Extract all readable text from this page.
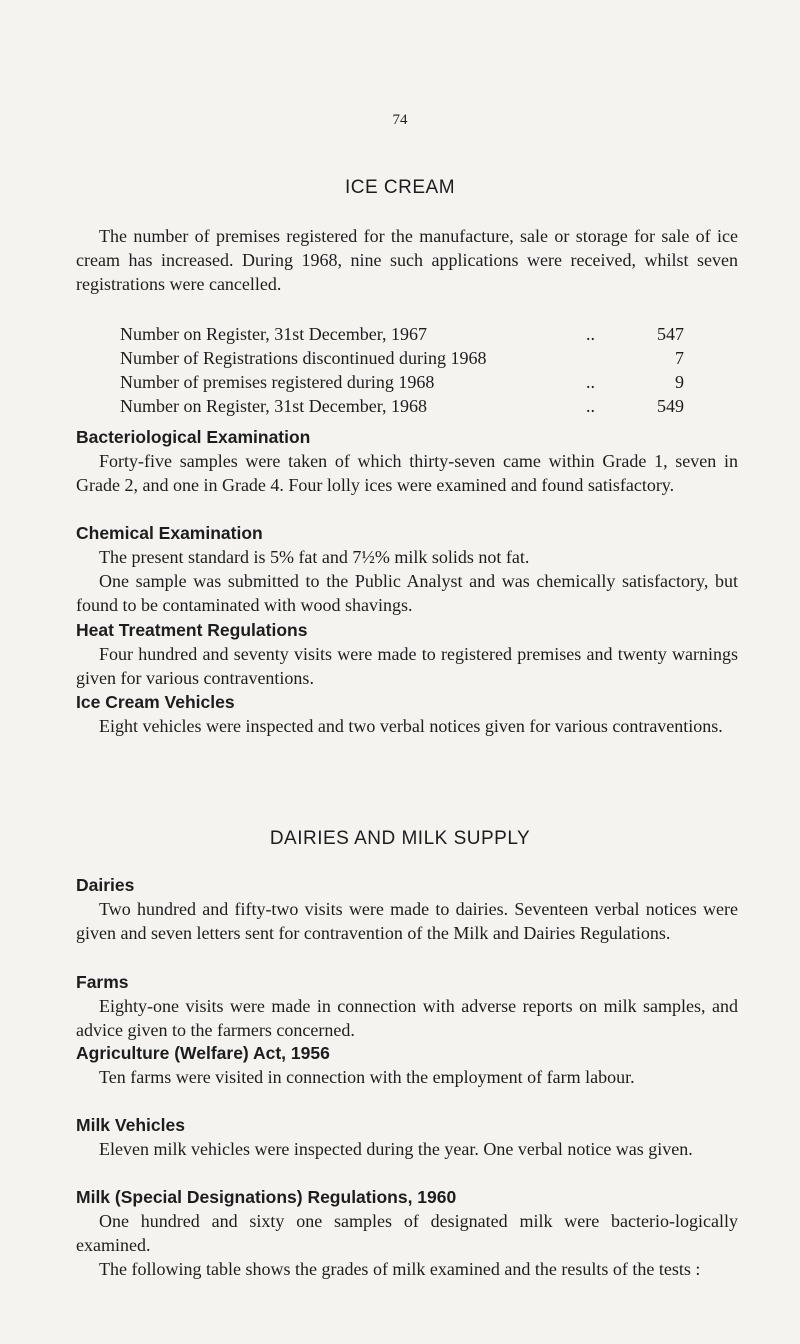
74
ICE CREAM

The number of premises registered for the manufacture, sale or storage for sale of ice cream has increased. During 1968, nine such applications were received, whilst seven registrations were cancelled.

Number on Register, 31st December, 1967	..	547
Number of Registrations discontinued during 1968		7
Number of premises registered during 1968	..	9
Number on Register, 31st December, 1968	..	549
Bacteriological Examination

Forty-five samples were taken of which thirty-seven came within Grade 1, seven in Grade 2, and one in Grade 4. Four lolly ices were examined and found satisfactory.

Chemical Examination

The present standard is 5% fat and 7½% milk solids not fat.

One sample was submitted to the Public Analyst and was chemically satisfactory, but found to be contaminated with wood shavings.

Heat Treatment Regulations

Four hundred and seventy visits were made to registered premises and twenty warnings given for various contraventions.

Ice Cream Vehicles

Eight vehicles were inspected and two verbal notices given for various contraventions.

DAIRIES AND MILK SUPPLY
Dairies

Two hundred and fifty-two visits were made to dairies. Seventeen verbal notices were given and seven letters sent for contravention of the Milk and Dairies Regulations.

Farms

Eighty-one visits were made in connection with adverse reports on milk samples, and advice given to the farmers concerned.

Agriculture (Welfare) Act, 1956

Ten farms were visited in connection with the employment of farm labour.

Milk Vehicles

Eleven milk vehicles were inspected during the year. One verbal notice was given.

Milk (Special Designations) Regulations, 1960

One hundred and sixty one samples of designated milk were bacterio-logically examined.

The following table shows the grades of milk examined and the results of the tests :
